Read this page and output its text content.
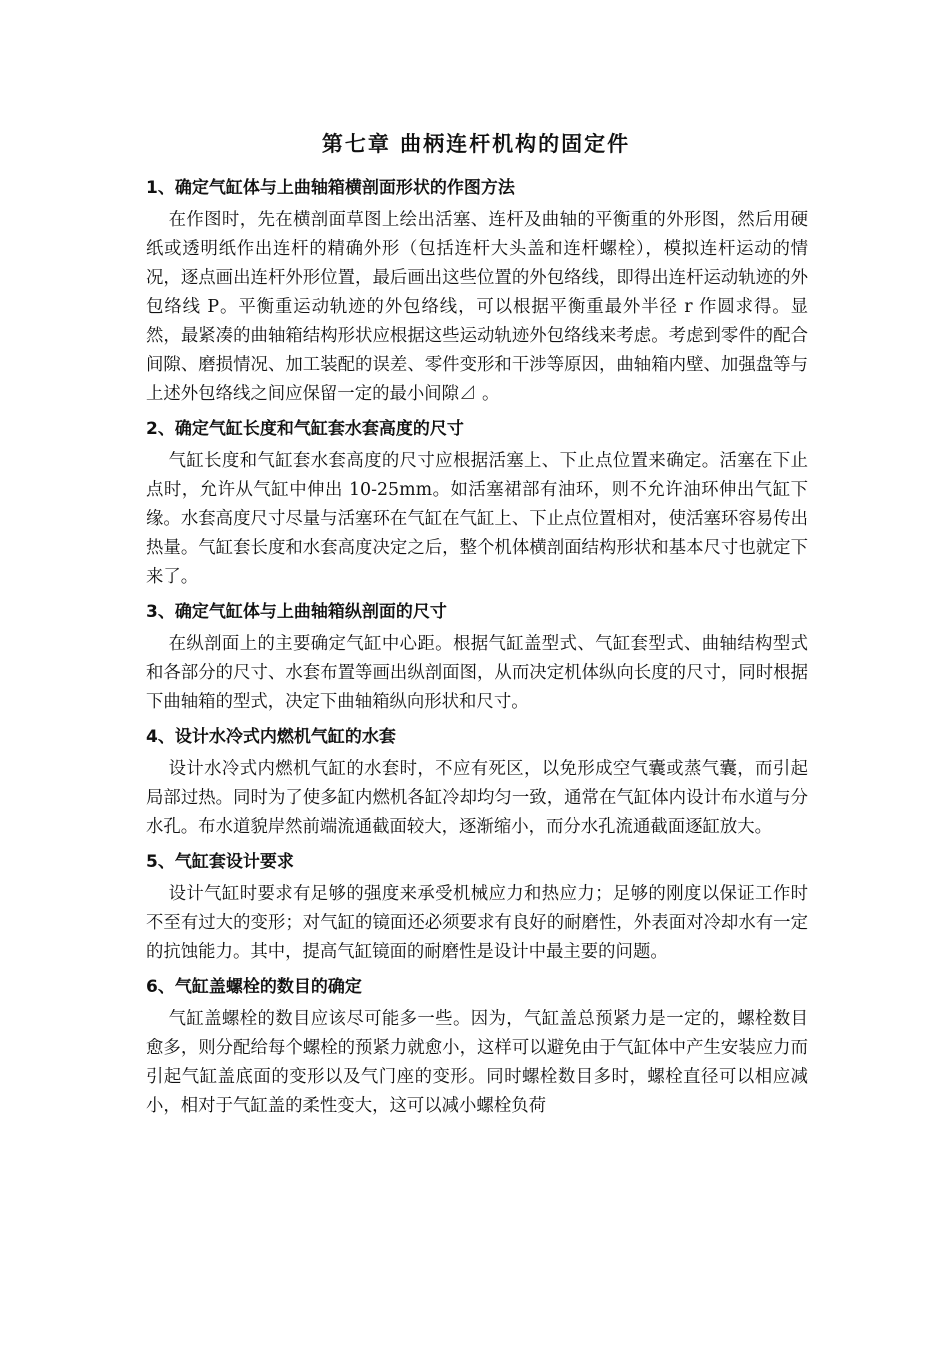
第七章 曲柄连杆机构的固定件
1、确定气缸体与上曲轴箱横剖面形状的作图方法
在作图时，先在横剖面草图上绘出活塞、连杆及曲轴的平衡重的外形图，然后用硬纸或透明纸作出连杆的精确外形（包括连杆大头盖和连杆螺栓），模拟连杆运动的情况，逐点画出连杆外形位置，最后画出这些位置的外包络线，即得出连杆运动轨迹的外包络线 P。平衡重运动轨迹的外包络线，可以根据平衡重最外半径 r 作圆求得。显然，最紧凑的曲轴箱结构形状应根据这些运动轨迹外包络线来考虑。考虑到零件的配合间隙、磨损情况、加工装配的误差、零件变形和干涉等原因，曲轴箱内壁、加强盘等与上述外包络线之间应保留一定的最小间隙⊿ 。
2、确定气缸长度和气缸套水套高度的尺寸
气缸长度和气缸套水套高度的尺寸应根据活塞上、下止点位置来确定。活塞在下止点时，允许从气缸中伸出 10-25mm。如活塞裙部有油环，则不允许油环伸出气缸下缘。水套高度尺寸尽量与活塞环在气缸在气缸上、下止点位置相对，使活塞环容易传出热量。气缸套长度和水套高度决定之后，整个机体横剖面结构形状和基本尺寸也就定下来了。
3、确定气缸体与上曲轴箱纵剖面的尺寸
在纵剖面上的主要确定气缸中心距。根据气缸盖型式、气缸套型式、曲轴结构型式和各部分的尺寸、水套布置等画出纵剖面图，从而决定机体纵向长度的尺寸，同时根据下曲轴箱的型式，决定下曲轴箱纵向形状和尺寸。
4、设计水冷式内燃机气缸的水套
设计水冷式内燃机气缸的水套时，不应有死区，以免形成空气囊或蒸气囊，而引起局部过热。同时为了使多缸内燃机各缸冷却均匀一致，通常在气缸体内设计布水道与分水孔。布水道貌岸然前端流通截面较大，逐渐缩小，而分水孔流通截面逐缸放大。
5、气缸套设计要求
设计气缸时要求有足够的强度来承受机械应力和热应力；足够的刚度以保证工作时不至有过大的变形；对气缸的镜面还必须要求有良好的耐磨性，外表面对冷却水有一定的抗蚀能力。其中，提高气缸镜面的耐磨性是设计中最主要的问题。
6、气缸盖螺栓的数目的确定
气缸盖螺栓的数目应该尽可能多一些。因为，气缸盖总预紧力是一定的，螺栓数目愈多，则分配给每个螺栓的预紧力就愈小，这样可以避免由于气缸体中产生安装应力而引起气缸盖底面的变形以及气门座的变形。同时螺栓数目多时，螺栓直径可以相应减小，相对于气缸盖的柔性变大，这可以减小螺栓负荷
